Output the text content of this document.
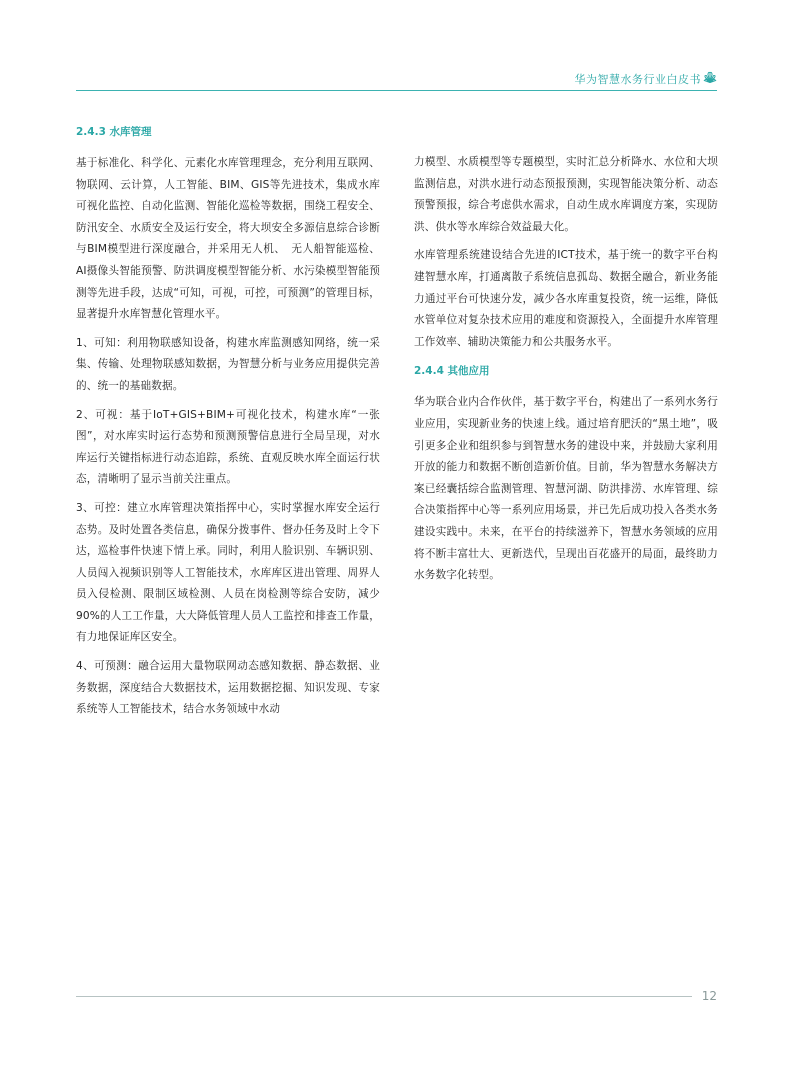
华为智慧水务行业白皮书
2.4.3 水库管理

基于标准化、科学化、元素化水库管理理念，充分利用互联网、物联网、云计算，人工智能、BIM、GIS等先进技术，集成水库可视化监控、自动化监测、智能化巡检等数据，围绕工程安全、防汛安全、水质安全及运行安全，将大坝安全多源信息综合诊断与BIM模型进行深度融合，并采用无人机、　无人船智能巡检、AI摄像头智能预警、防洪调度模型智能分析、水污染模型智能预测等先进手段，达成“可知，可视，可控，可预测”的管理目标，显著提升水库智慧化管理水平。

1、可知：利用物联感知设备，构建水库监测感知网络，统一采集、传输、处理物联感知数据，为智慧分析与业务应用提供完善的、统一的基础数据。

2、可视：基于IoT+GIS+BIM+可视化技术，构建水库“一张图”，对水库实时运行态势和预测预警信息进行全局呈现，对水库运行关键指标进行动态追踪，系统、直观反映水库全面运行状态，清晰明了显示当前关注重点。

3、可控：建立水库管理决策指挥中心，实时掌握水库安全运行态势。及时处置各类信息，确保分拨事件、督办任务及时上令下达，巡检事件快速下情上承。同时，利用人脸识别、车辆识别、人员闯入视频识别等人工智能技术，水库库区进出管理、周界人员入侵检测、限制区域检测、人员在岗检测等综合安防，减少90%的人工工作量，大大降低管理人员人工监控和排查工作量，有力地保证库区安全。

4、可预测：融合运用大量物联网动态感知数据、静态数据、业务数据，深度结合大数据技术，运用数据挖掘、知识发现、专家系统等人工智能技术，结合水务领域中水动

力模型、水质模型等专题模型，实时汇总分析降水、水位和大坝监测信息，对洪水进行动态预报预测，实现智能决策分析、动态预警预报，综合考虑供水需求，自动生成水库调度方案，实现防洪、供水等水库综合效益最大化。

水库管理系统建设结合先进的ICT技术，基于统一的数字平台构建智慧水库，打通离散子系统信息孤岛、数据全融合，新业务能力通过平台可快速分发，减少各水库重复投资，统一运维，降低水管单位对复杂技术应用的难度和资源投入，全面提升水库管理工作效率、辅助决策能力和公共服务水平。

2.4.4 其他应用

华为联合业内合作伙伴，基于数字平台，构建出了一系列水务行业应用，实现新业务的快速上线。通过培育肥沃的“黑土地”，吸引更多企业和组织参与到智慧水务的建设中来，并鼓励大家利用开放的能力和数据不断创造新价值。目前，华为智慧水务解决方案已经囊括综合监测管理、智慧河湖、防洪排涝、水库管理、综合决策指挥中心等一系列应用场景，并已先后成功投入各类水务建设实践中。未来，在平台的持续滋养下，智慧水务领域的应用将不断丰富壮大、更新迭代，呈现出百花盛开的局面，最终助力水务数字化转型。

12
